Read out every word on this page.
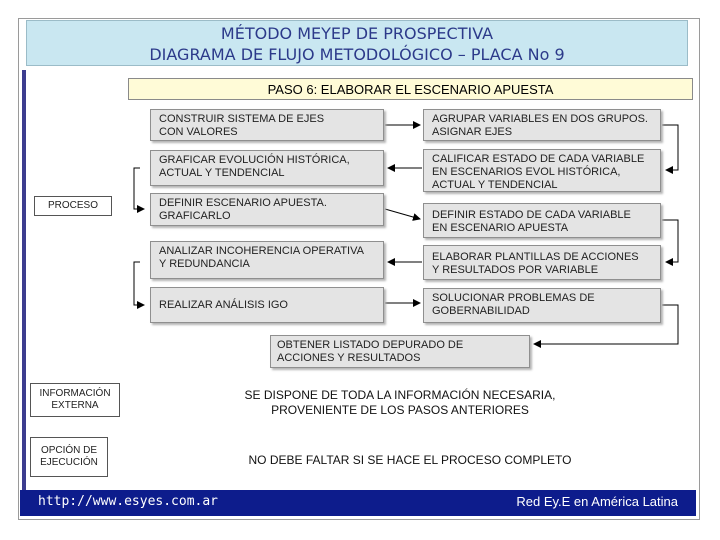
MÉTODO MEYEP DE PROSPECTIVA
DIAGRAMA DE FLUJO METODOLÓGICO – PLACA No 9
PASO 6: ELABORAR EL ESCENARIO APUESTA
CONSTRUIR SISTEMA DE EJES
CON VALORES
GRAFICAR EVOLUCIÓN HISTÓRICA,
ACTUAL Y TENDENCIAL
DEFINIR ESCENARIO APUESTA.
GRAFICARLO
ANALIZAR INCOHERENCIA OPERATIVA
Y REDUNDANCIA
REALIZAR ANÁLISIS IGO
AGRUPAR VARIABLES EN DOS GRUPOS.
ASIGNAR EJES
CALIFICAR ESTADO DE CADA VARIABLE
EN ESCENARIOS EVOL HISTÓRICA,
ACTUAL Y TENDENCIAL
DEFINIR ESTADO DE CADA VARIABLE
EN ESCENARIO APUESTA
ELABORAR PLANTILLAS DE ACCIONES
Y RESULTADOS POR VARIABLE
SOLUCIONAR PROBLEMAS DE
GOBERNABILIDAD
OBTENER LISTADO DEPURADO DE
ACCIONES Y RESULTADOS
PROCESO
INFORMACIÓN
EXTERNA
OPCIÓN DE
EJECUCIÓN
SE DISPONE DE TODA LA INFORMACIÓN NECESARIA,
PROVENIENTE DE LOS PASOS ANTERIORES
NO DEBE FALTAR SI SE HACE EL PROCESO COMPLETO
http://www.esyes.com.ar	Red Ey.E en América Latina
